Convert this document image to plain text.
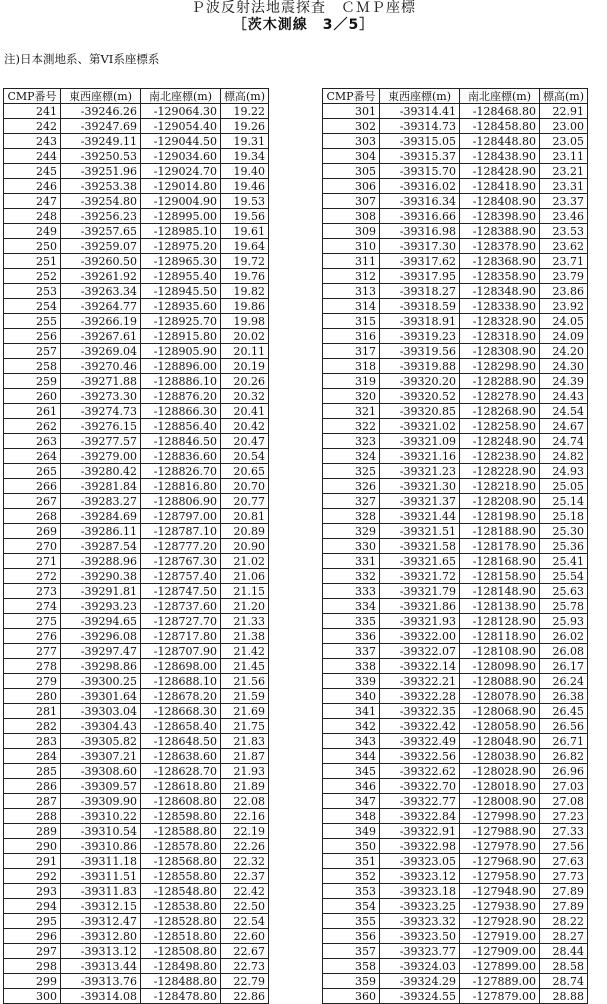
Ｐ波反射法地震探査　ＣＭＰ座標
［茨木測線　3／5］
注)日本測地系、第VI系座標系
CMP番号	東西座標(m)	南北座標(m)	標高(m)
241	-39246.26	-129064.30	19.22
242	-39247.69	-129054.40	19.26
243	-39249.11	-129044.50	19.31
244	-39250.53	-129034.60	19.34
245	-39251.96	-129024.70	19.40
246	-39253.38	-129014.80	19.46
247	-39254.80	-129004.90	19.53
248	-39256.23	-128995.00	19.56
249	-39257.65	-128985.10	19.61
250	-39259.07	-128975.20	19.64
251	-39260.50	-128965.30	19.72
252	-39261.92	-128955.40	19.76
253	-39263.34	-128945.50	19.82
254	-39264.77	-128935.60	19.86
255	-39266.19	-128925.70	19.98
256	-39267.61	-128915.80	20.02
257	-39269.04	-128905.90	20.11
258	-39270.46	-128896.00	20.19
259	-39271.88	-128886.10	20.26
260	-39273.30	-128876.20	20.32
261	-39274.73	-128866.30	20.41
262	-39276.15	-128856.40	20.42
263	-39277.57	-128846.50	20.47
264	-39279.00	-128836.60	20.54
265	-39280.42	-128826.70	20.65
266	-39281.84	-128816.80	20.70
267	-39283.27	-128806.90	20.77
268	-39284.69	-128797.00	20.81
269	-39286.11	-128787.10	20.89
270	-39287.54	-128777.20	20.90
271	-39288.96	-128767.30	21.02
272	-39290.38	-128757.40	21.06
273	-39291.81	-128747.50	21.15
274	-39293.23	-128737.60	21.20
275	-39294.65	-128727.70	21.33
276	-39296.08	-128717.80	21.38
277	-39297.47	-128707.90	21.42
278	-39298.86	-128698.00	21.45
279	-39300.25	-128688.10	21.56
280	-39301.64	-128678.20	21.59
281	-39303.04	-128668.30	21.69
282	-39304.43	-128658.40	21.75
283	-39305.82	-128648.50	21.83
284	-39307.21	-128638.60	21.87
285	-39308.60	-128628.70	21.93
286	-39309.57	-128618.80	21.89
287	-39309.90	-128608.80	22.08
288	-39310.22	-128598.80	22.16
289	-39310.54	-128588.80	22.19
290	-39310.86	-128578.80	22.26
291	-39311.18	-128568.80	22.32
292	-39311.51	-128558.80	22.37
293	-39311.83	-128548.80	22.42
294	-39312.15	-128538.80	22.50
295	-39312.47	-128528.80	22.54
296	-39312.80	-128518.80	22.60
297	-39313.12	-128508.80	22.67
298	-39313.44	-128498.80	22.73
299	-39313.76	-128488.80	22.79
300	-39314.08	-128478.80	22.86
CMP番号	東西座標(m)	南北座標(m)	標高(m)
301	-39314.41	-128468.80	22.91
302	-39314.73	-128458.80	23.00
303	-39315.05	-128448.80	23.05
304	-39315.37	-128438.90	23.11
305	-39315.70	-128428.90	23.21
306	-39316.02	-128418.90	23.31
307	-39316.34	-128408.90	23.37
308	-39316.66	-128398.90	23.46
309	-39316.98	-128388.90	23.53
310	-39317.30	-128378.90	23.62
311	-39317.62	-128368.90	23.71
312	-39317.95	-128358.90	23.79
313	-39318.27	-128348.90	23.86
314	-39318.59	-128338.90	23.92
315	-39318.91	-128328.90	24.05
316	-39319.23	-128318.90	24.09
317	-39319.56	-128308.90	24.20
318	-39319.88	-128298.90	24.30
319	-39320.20	-128288.90	24.39
320	-39320.52	-128278.90	24.43
321	-39320.85	-128268.90	24.54
322	-39321.02	-128258.90	24.67
323	-39321.09	-128248.90	24.74
324	-39321.16	-128238.90	24.82
325	-39321.23	-128228.90	24.93
326	-39321.30	-128218.90	25.05
327	-39321.37	-128208.90	25.14
328	-39321.44	-128198.90	25.18
329	-39321.51	-128188.90	25.30
330	-39321.58	-128178.90	25.36
331	-39321.65	-128168.90	25.41
332	-39321.72	-128158.90	25.54
333	-39321.79	-128148.90	25.63
334	-39321.86	-128138.90	25.78
335	-39321.93	-128128.90	25.93
336	-39322.00	-128118.90	26.02
337	-39322.07	-128108.90	26.08
338	-39322.14	-128098.90	26.17
339	-39322.21	-128088.90	26.24
340	-39322.28	-128078.90	26.38
341	-39322.35	-128068.90	26.45
342	-39322.42	-128058.90	26.56
343	-39322.49	-128048.90	26.71
344	-39322.56	-128038.90	26.82
345	-39322.62	-128028.90	26.96
346	-39322.70	-128018.90	27.03
347	-39322.77	-128008.90	27.08
348	-39322.84	-127998.90	27.23
349	-39322.91	-127988.90	27.33
350	-39322.98	-127978.90	27.56
351	-39323.05	-127968.90	27.63
352	-39323.12	-127958.90	27.73
353	-39323.18	-127948.90	27.89
354	-39323.25	-127938.90	27.89
355	-39323.32	-127928.90	28.22
356	-39323.50	-127919.00	28.27
357	-39323.77	-127909.00	28.44
358	-39324.03	-127899.00	28.58
359	-39324.29	-127889.00	28.74
360	-39324.55	-127879.00	28.88
